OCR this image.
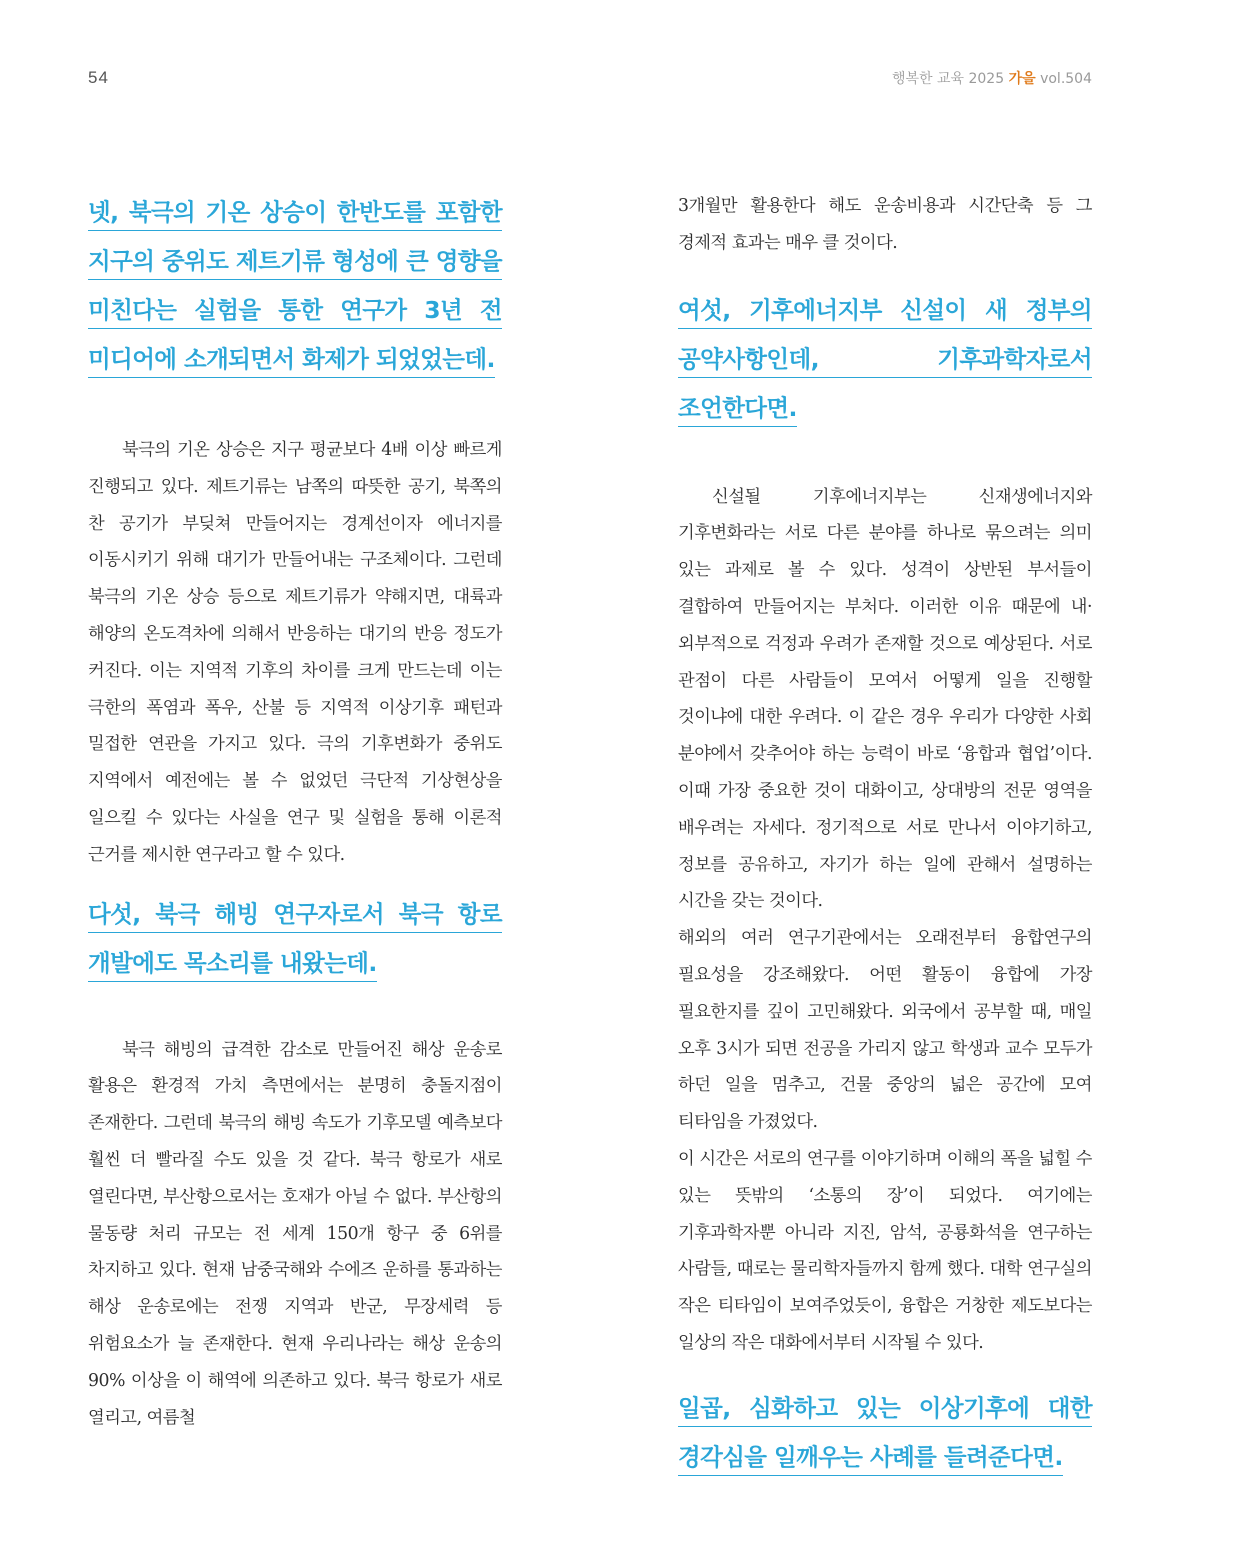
54	행복한 교육 2025 가을 vol.504
넷, 북극의 기온 상승이 한반도를 포함한 지구의 중위도 제트기류 형성에 큰 영향을 미친다는 실험을 통한 연구가 3년 전 미디어에 소개되면서 화제가 되었었는데.

북극의 기온 상승은 지구 평균보다 4배 이상 빠르게 진행되고 있다. 제트기류는 남쪽의 따뜻한 공기, 북쪽의 찬 공기가 부딪쳐 만들어지는 경계선이자 에너지를 이동시키기 위해 대기가 만들어내는 구조체이다. 그런데 북극의 기온 상승 등으로 제트기류가 약해지면, 대륙과 해양의 온도격차에 의해서 반응하는 대기의 반응 정도가 커진다. 이는 지역적 기후의 차이를 크게 만드는데 이는 극한의 폭염과 폭우, 산불 등 지역적 이상기후 패턴과 밀접한 연관을 가지고 있다. 극의 기후변화가 중위도 지역에서 예전에는 볼 수 없었던 극단적 기상현상을 일으킬 수 있다는 사실을 연구 및 실험을 통해 이론적 근거를 제시한 연구라고 할 수 있다.

다섯, 북극 해빙 연구자로서 북극 항로 개발에도 목소리를 내왔는데.

북극 해빙의 급격한 감소로 만들어진 해상 운송로 활용은 환경적 가치 측면에서는 분명히 충돌지점이 존재한다. 그런데 북극의 해빙 속도가 기후모델 예측보다 훨씬 더 빨라질 수도 있을 것 같다. 북극 항로가 새로 열린다면, 부산항으로서는 호재가 아닐 수 없다. 부산항의 물동량 처리 규모는 전 세계 150개 항구 중 6위를 차지하고 있다. 현재 남중국해와 수에즈 운하를 통과하는 해상 운송로에는 전쟁 지역과 반군, 무장세력 등 위험요소가 늘 존재한다. 현재 우리나라는 해상 운송의 90% 이상을 이 해역에 의존하고 있다. 북극 항로가 새로 열리고, 여름철

3개월만 활용한다 해도 운송비용과 시간단축 등 그 경제적 효과는 매우 클 것이다.

여섯, 기후에너지부 신설이 새 정부의 공약사항인데, 기후과학자로서 조언한다면.

신설될 기후에너지부는 신재생에너지와 기후변화라는 서로 다른 분야를 하나로 묶으려는 의미 있는 과제로 볼 수 있다. 성격이 상반된 부서들이 결합하여 만들어지는 부처다. 이러한 이유 때문에 내·외부적으로 걱정과 우려가 존재할 것으로 예상된다. 서로 관점이 다른 사람들이 모여서 어떻게 일을 진행할 것이냐에 대한 우려다. 이 같은 경우 우리가 다양한 사회 분야에서 갖추어야 하는 능력이 바로 ‘융합과 협업’이다. 이때 가장 중요한 것이 대화이고, 상대방의 전문 영역을 배우려는 자세다. 정기적으로 서로 만나서 이야기하고, 정보를 공유하고, 자기가 하는 일에 관해서 설명하는 시간을 갖는 것이다.

해외의 여러 연구기관에서는 오래전부터 융합연구의 필요성을 강조해왔다. 어떤 활동이 융합에 가장 필요한지를 깊이 고민해왔다. 외국에서 공부할 때, 매일 오후 3시가 되면 전공을 가리지 않고 학생과 교수 모두가 하던 일을 멈추고, 건물 중앙의 넓은 공간에 모여 티타임을 가졌었다.

이 시간은 서로의 연구를 이야기하며 이해의 폭을 넓힐 수 있는 뜻밖의 ‘소통의 장’이 되었다. 여기에는 기후과학자뿐 아니라 지진, 암석, 공룡화석을 연구하는 사람들, 때로는 물리학자들까지 함께 했다. 대학 연구실의 작은 티타임이 보여주었듯이, 융합은 거창한 제도보다는 일상의 작은 대화에서부터 시작될 수 있다.

일곱, 심화하고 있는 이상기후에 대한 경각심을 일깨우는 사례를 들려준다면.
